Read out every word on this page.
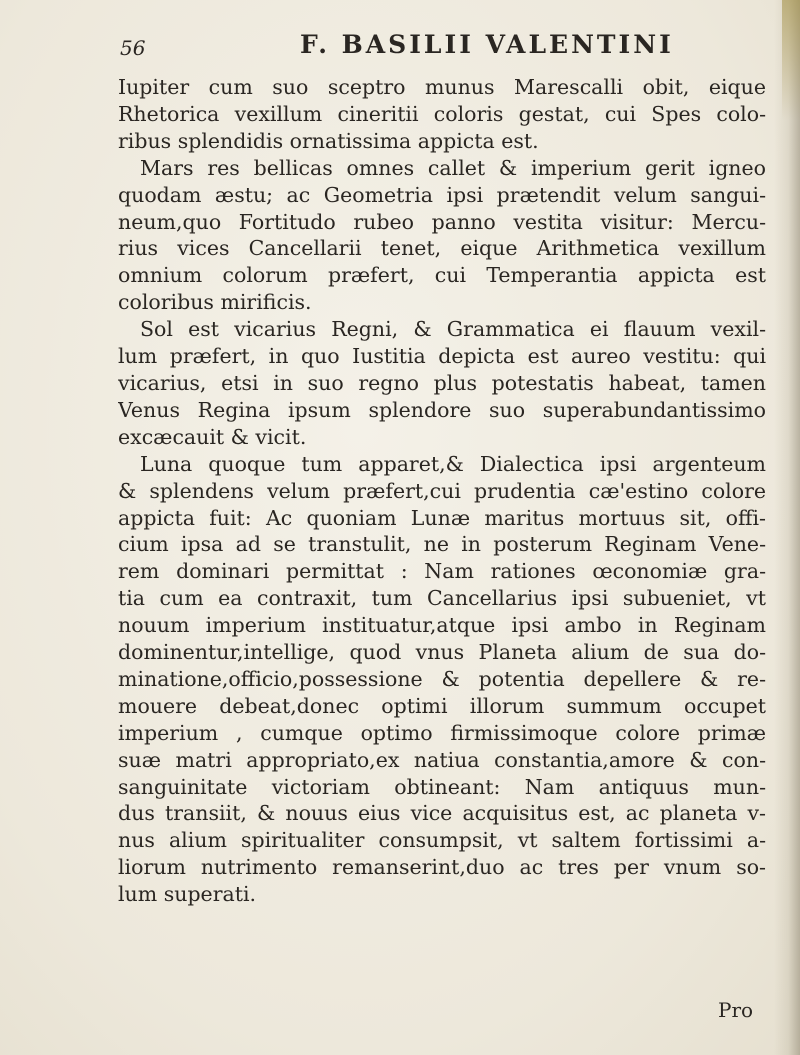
56	F. BASILII VALENTINI
Iupiter cum suo sceptro munus Marescalli obit, eique
Rhetorica vexillum cineritii coloris gestat, cui Spes colo-
ribus splendidis ornatissima appicta est.
Mars res bellicas omnes callet & imperium gerit igneo
quodam æstu; ac Geometria ipsi prætendit velum sangui-
neum,quo Fortitudo rubeo panno vestita visitur: Mercu-
rius vices Cancellarii tenet, eique Arithmetica vexillum
omnium colorum præfert, cui Temperantia appicta est
coloribus mirificis.
Sol est vicarius Regni, & Grammatica ei flauum vexil-
lum præfert, in quo Iustitia depicta est aureo vestitu: qui
vicarius, etsi in suo regno plus potestatis habeat, tamen
Venus Regina ipsum splendore suo superabundantissimo
excæcauit & vicit.
Luna quoque tum apparet,& Dialectica ipsi argenteum
& splendens velum præfert,cui prudentia cæ'estino colore
appicta fuit: Ac quoniam Lunæ maritus mortuus sit, offi-
cium ipsa ad se transtulit, ne in posterum Reginam Vene-
rem dominari permittat : Nam rationes œconomiæ gra-
tia cum ea contraxit, tum Cancellarius ipsi subueniet, vt
nouum imperium instituatur,atque ipsi ambo in Reginam
dominentur,intellige, quod vnus Planeta alium de sua do-
minatione,officio,possessione & potentia depellere & re-
mouere debeat,donec optimi illorum summum occupet
imperium , cumque optimo firmissimoque colore primæ
suæ matri appropriato,ex natiua constantia,amore & con-
sanguinitate victoriam obtineant: Nam antiquus mun-
dus transiit, & nouus eius vice acquisitus est, ac planeta v-
nus alium spiritualiter consumpsit, vt saltem fortissimi a-
liorum nutrimento remanserint,duo ac tres per vnum so-
lum superati.
Pro
